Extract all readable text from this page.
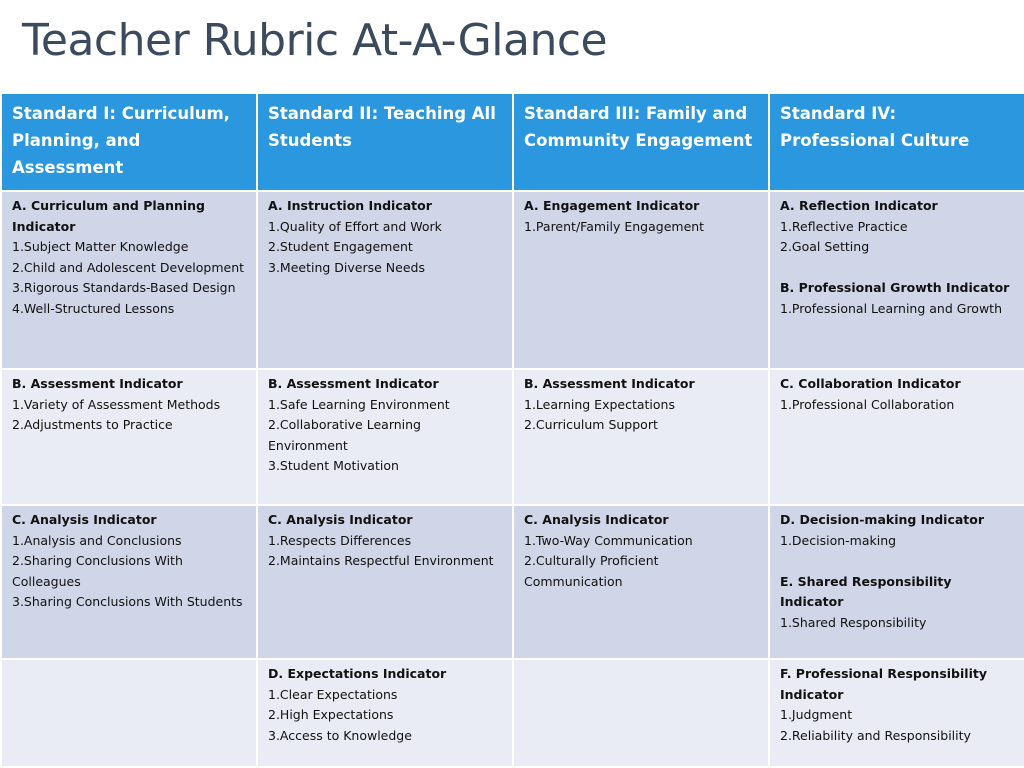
Teacher Rubric At-A-Glance
Standard I: Curriculum, Planning, and Assessment	Standard II: Teaching All Students	Standard III: Family and Community Engagement	Standard IV: Professional Culture

A. Curriculum and Planning Indicator
1.Subject Matter Knowledge
2.Child and Adolescent Development
3.Rigorous Standards-Based Design
4.Well-Structured Lessons	A. Instruction Indicator
1.Quality of Effort and Work
2.Student Engagement
3.Meeting Diverse Needs	A. Engagement Indicator
1.Parent/Family Engagement	A. Reflection Indicator
1.Reflective Practice
2.Goal Setting
B. Professional Growth Indicator
1.Professional Learning and Growth

B. Assessment Indicator
1.Variety of Assessment Methods
2.Adjustments to Practice	B. Assessment Indicator
1.Safe Learning Environment
2.Collaborative Learning Environment
3.Student Motivation	B. Assessment Indicator
1.Learning Expectations
2.Curriculum Support	C. Collaboration Indicator
1.Professional Collaboration

C. Analysis Indicator
1.Analysis and Conclusions
2.Sharing Conclusions With Colleagues
3.Sharing Conclusions With Students	C. Analysis Indicator
1.Respects Differences
2.Maintains Respectful Environment	C. Analysis Indicator
1.Two-Way Communication
2.Culturally Proficient Communication	D. Decision-making Indicator
1.Decision-making
E. Shared Responsibility Indicator
1.Shared Responsibility

	D. Expectations Indicator
1.Clear Expectations
2.High Expectations
3.Access to Knowledge		F. Professional Responsibility Indicator
1.Judgment
2.Reliability and Responsibility
